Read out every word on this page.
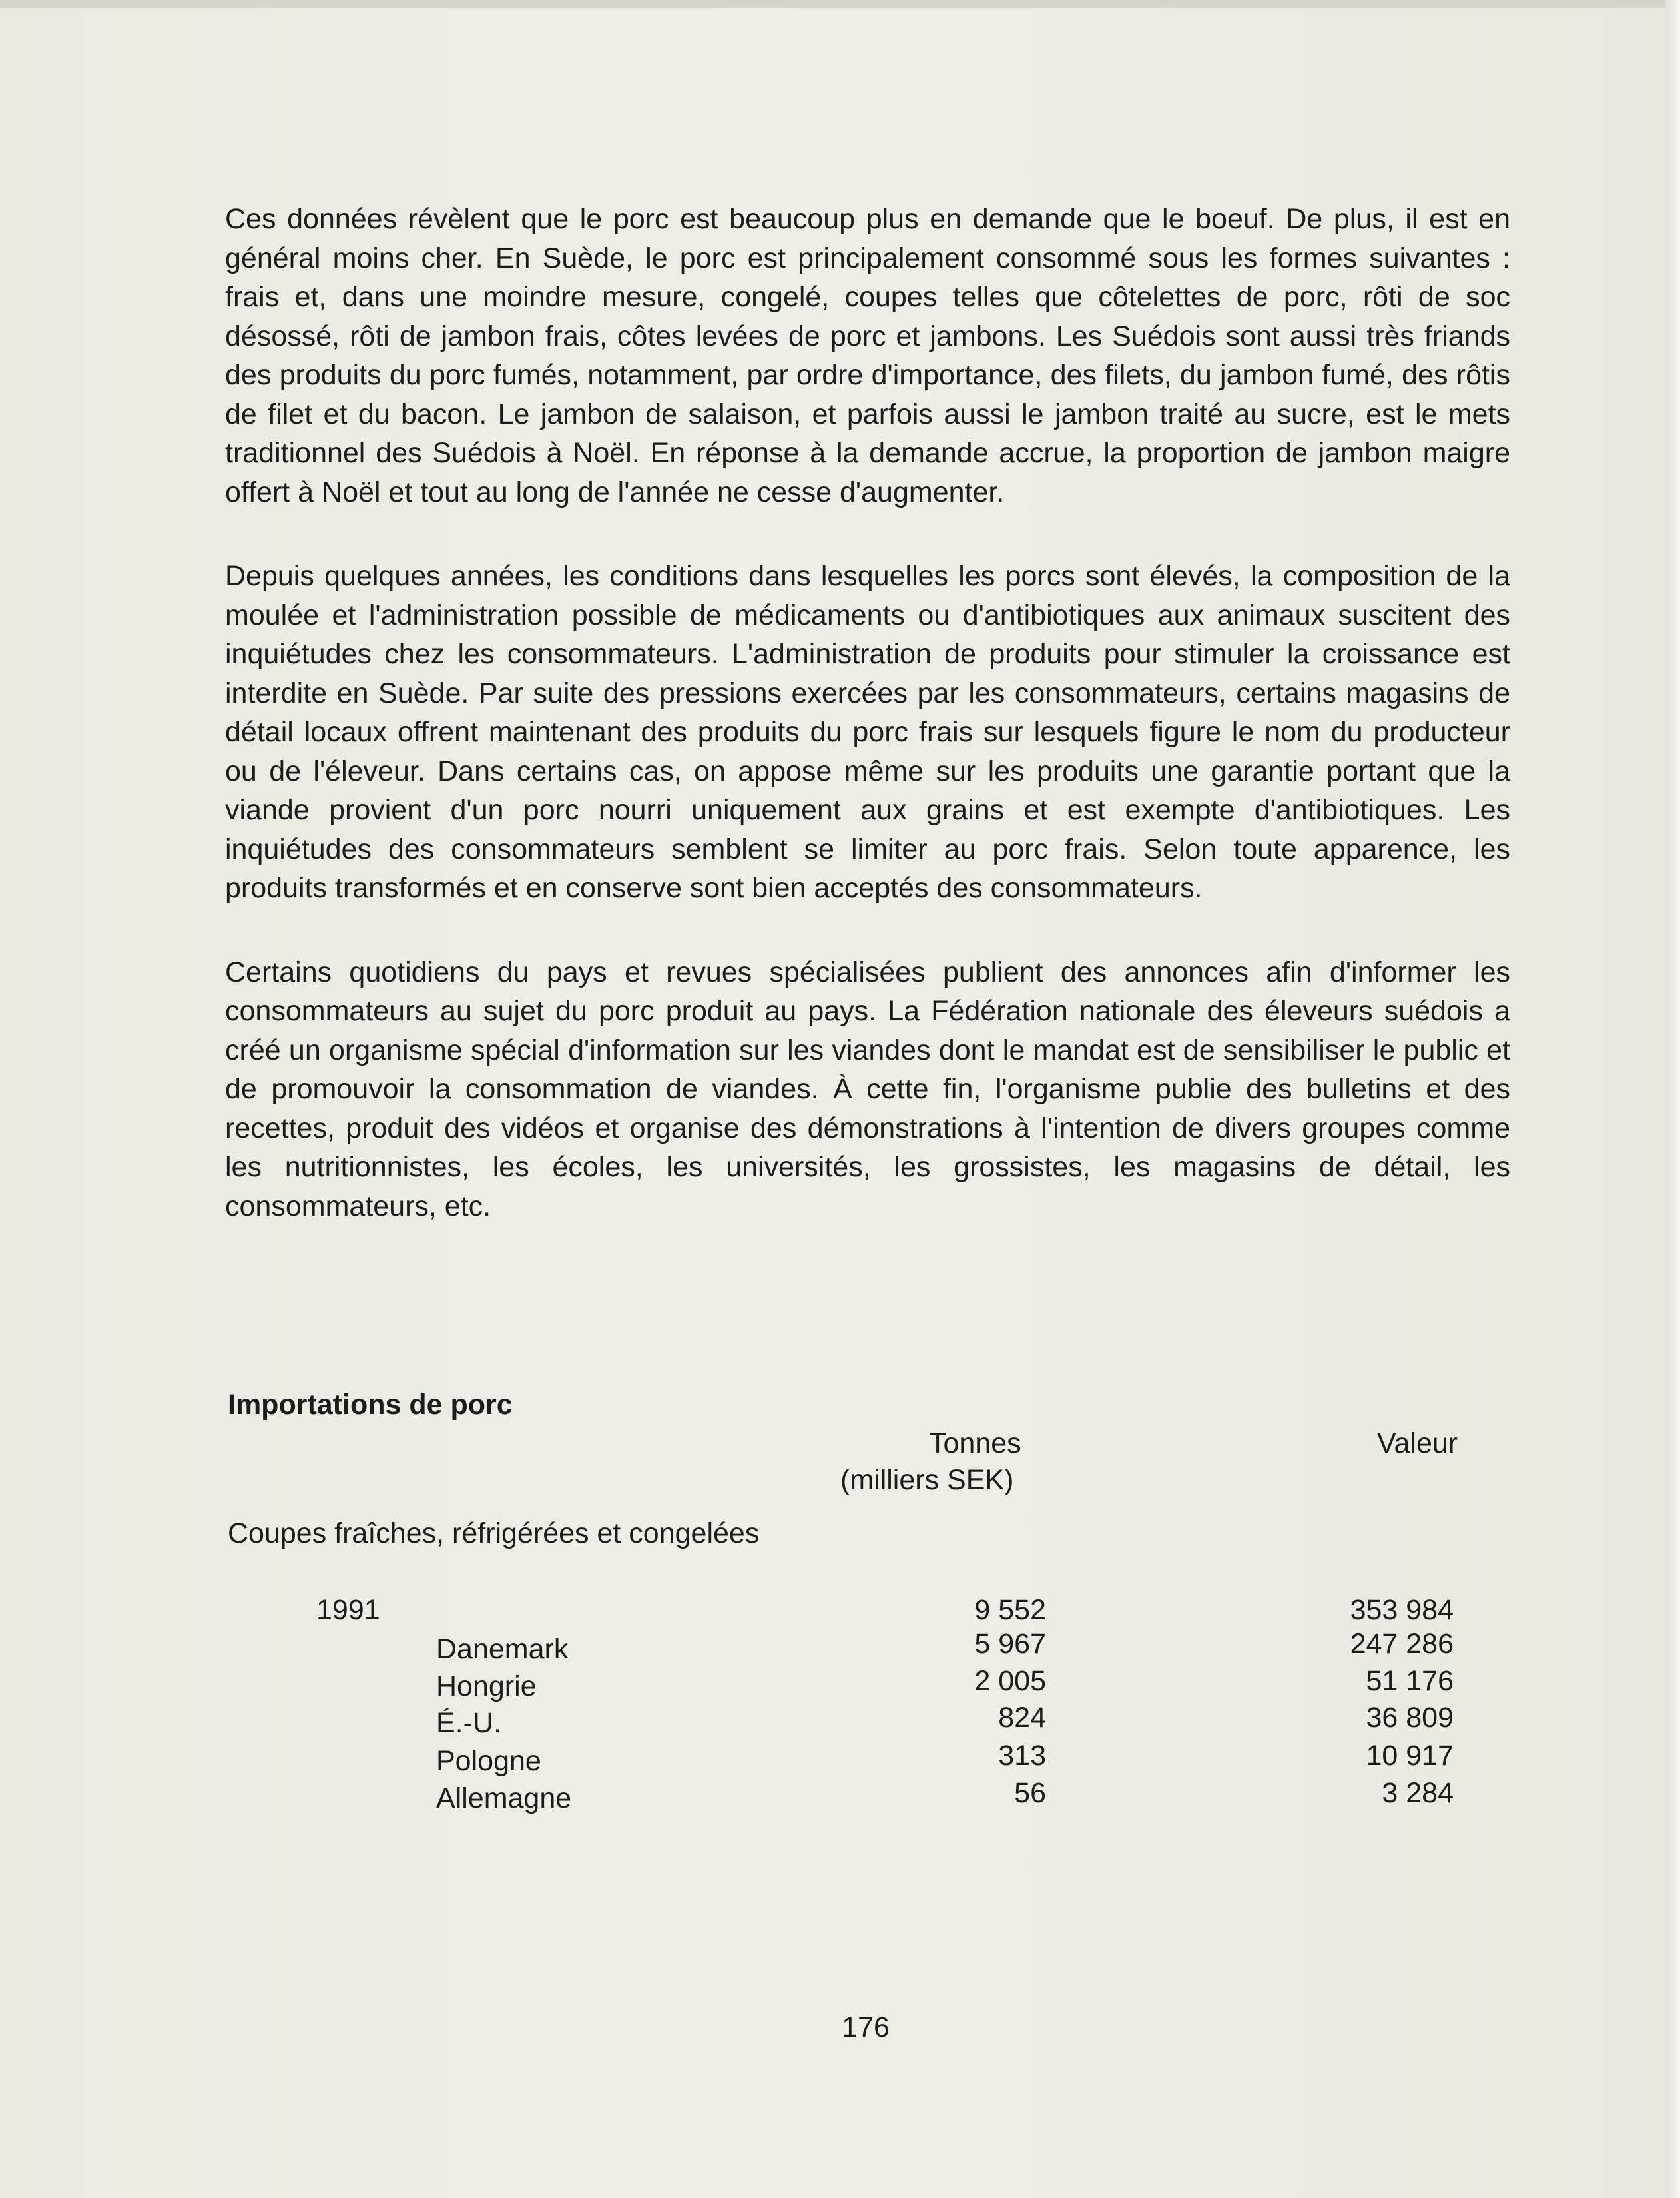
Ces données révèlent que le porc est beaucoup plus en demande que le boeuf. De plus, il est en général moins cher. En Suède, le porc est principalement consommé sous les formes suivantes : frais et, dans une moindre mesure, congelé, coupes telles que côtelettes de porc, rôti de soc désossé, rôti de jambon frais, côtes levées de porc et jambons. Les Suédois sont aussi très friands des produits du porc fumés, notamment, par ordre d'importance, des filets, du jambon fumé, des rôtis de filet et du bacon. Le jambon de salaison, et parfois aussi le jambon traité au sucre, est le mets traditionnel des Suédois à Noël. En réponse à la demande accrue, la proportion de jambon maigre offert à Noël et tout au long de l'année ne cesse d'augmenter.

Depuis quelques années, les conditions dans lesquelles les porcs sont élevés, la composition de la moulée et l'administration possible de médicaments ou d'antibiotiques aux animaux suscitent des inquiétudes chez les consommateurs. L'administration de produits pour stimuler la croissance est interdite en Suède. Par suite des pressions exercées par les consommateurs, certains magasins de détail locaux offrent maintenant des produits du porc frais sur lesquels figure le nom du producteur ou de l'éleveur. Dans certains cas, on appose même sur les produits une garantie portant que la viande provient d'un porc nourri uniquement aux grains et est exempte d'antibiotiques. Les inquiétudes des consommateurs semblent se limiter au porc frais. Selon toute apparence, les produits transformés et en conserve sont bien acceptés des consommateurs.

Certains quotidiens du pays et revues spécialisées publient des annonces afin d'informer les consommateurs au sujet du porc produit au pays. La Fédération nationale des éleveurs suédois a créé un organisme spécial d'information sur les viandes dont le mandat est de sensibiliser le public et de promouvoir la consommation de viandes. À cette fin, l'organisme publie des bulletins et des recettes, produit des vidéos et organise des démonstrations à l'intention de divers groupes comme les nutritionnistes, les écoles, les universités, les grossistes, les magasins de détail, les consommateurs, etc.

Importations de porc
Tonnes	Valeur
(milliers SEK)
Coupes fraîches, réfrigérées et congelées
1991	9 552	353 984
Danemark	5 967	247 286
Hongrie	2 005	51 176
É.-U.	824	36 809
Pologne	313	10 917
Allemagne	56	3 284
176
